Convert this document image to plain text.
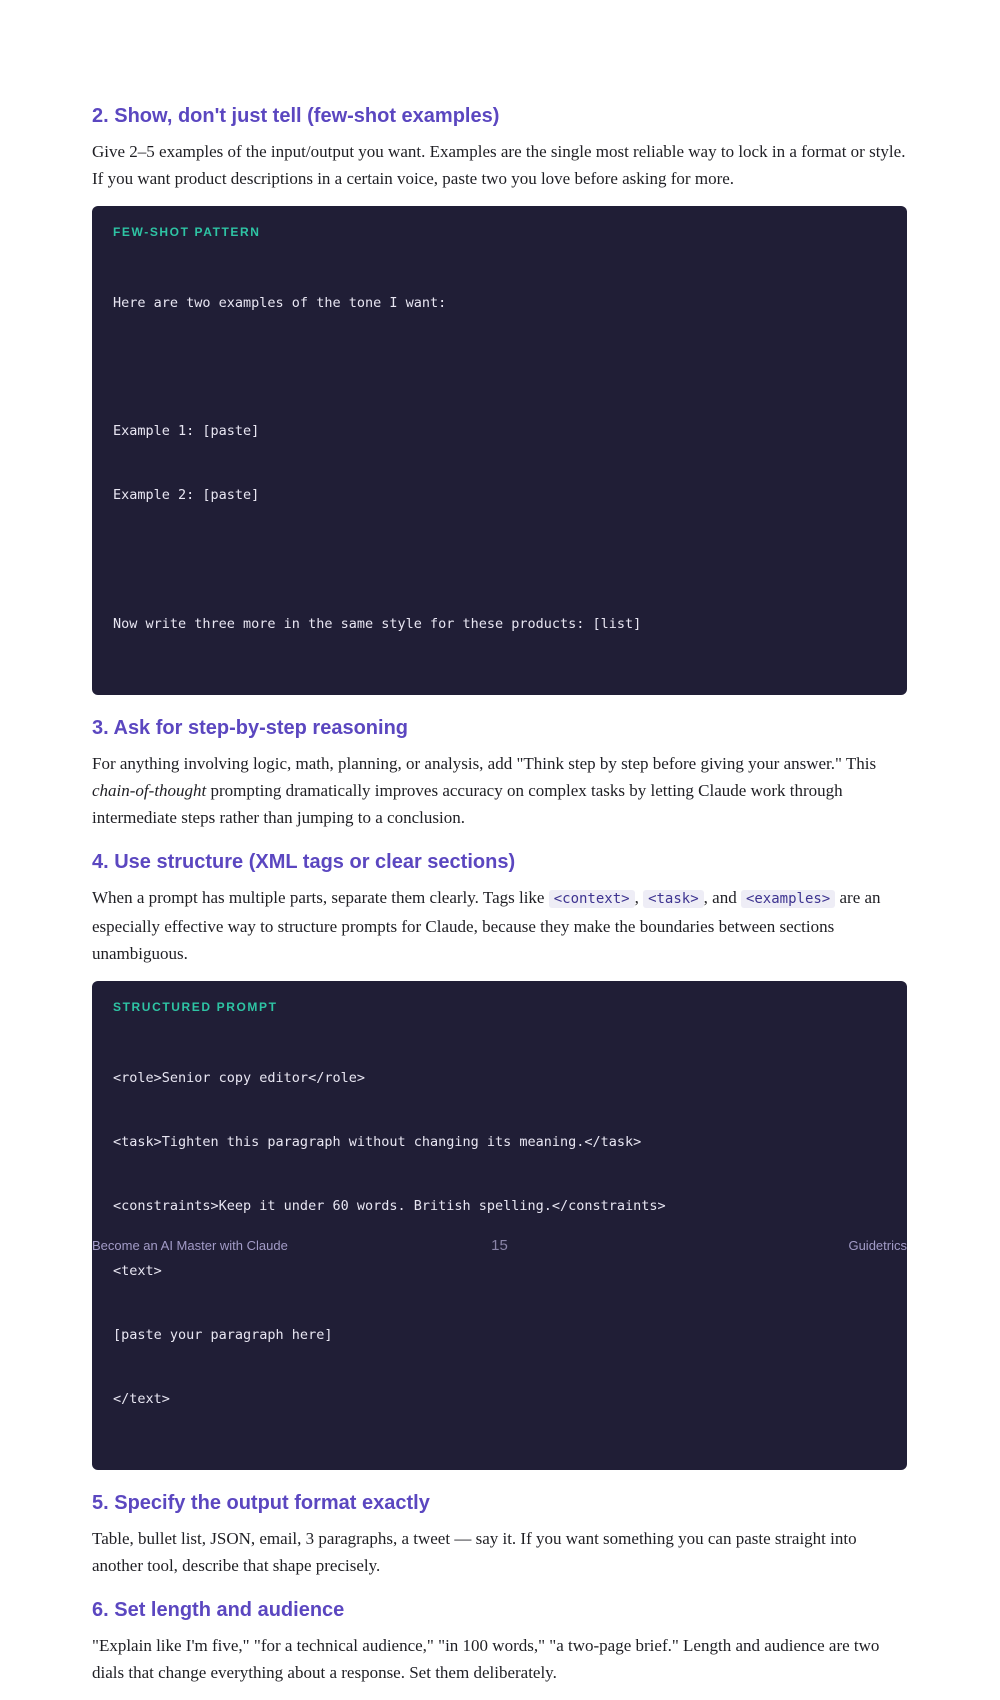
2. Show, don't just tell (few-shot examples)

Give 2–5 examples of the input/output you want. Examples are the single most reliable way to lock in a format or style. If you want product descriptions in a certain voice, paste two you love before asking for more.

FEW-SHOT PATTERN

Here are two examples of the tone I want:

Example 1: [paste]

Example 2: [paste]

Now write three more in the same style for these products: [list]

3. Ask for step-by-step reasoning

For anything involving logic, math, planning, or analysis, add "Think step by step before giving your answer." This chain-of-thought prompting dramatically improves accuracy on complex tasks by letting Claude work through intermediate steps rather than jumping to a conclusion.

4. Use structure (XML tags or clear sections)

When a prompt has multiple parts, separate them clearly. Tags like <context> , <task> , and <examples> are an especially effective way to structure prompts for Claude, because they make the boundaries between sections unambiguous.

STRUCTURED PROMPT

<role>Senior copy editor</role>

<task>Tighten this paragraph without changing its meaning.</task>

<constraints>Keep it under 60 words. British spelling.</constraints>

<text>

[paste your paragraph here]

</text>

5. Specify the output format exactly

Table, bullet list, JSON, email, 3 paragraphs, a tweet — say it. If you want something you can paste straight into another tool, describe that shape precisely.

6. Set length and audience

"Explain like I'm five," "for a technical audience," "in 100 words," "a two-page brief." Length and audience are two dials that change everything about a response. Set them deliberately.

Become an AI Master with Claude	15	Guidetrics
